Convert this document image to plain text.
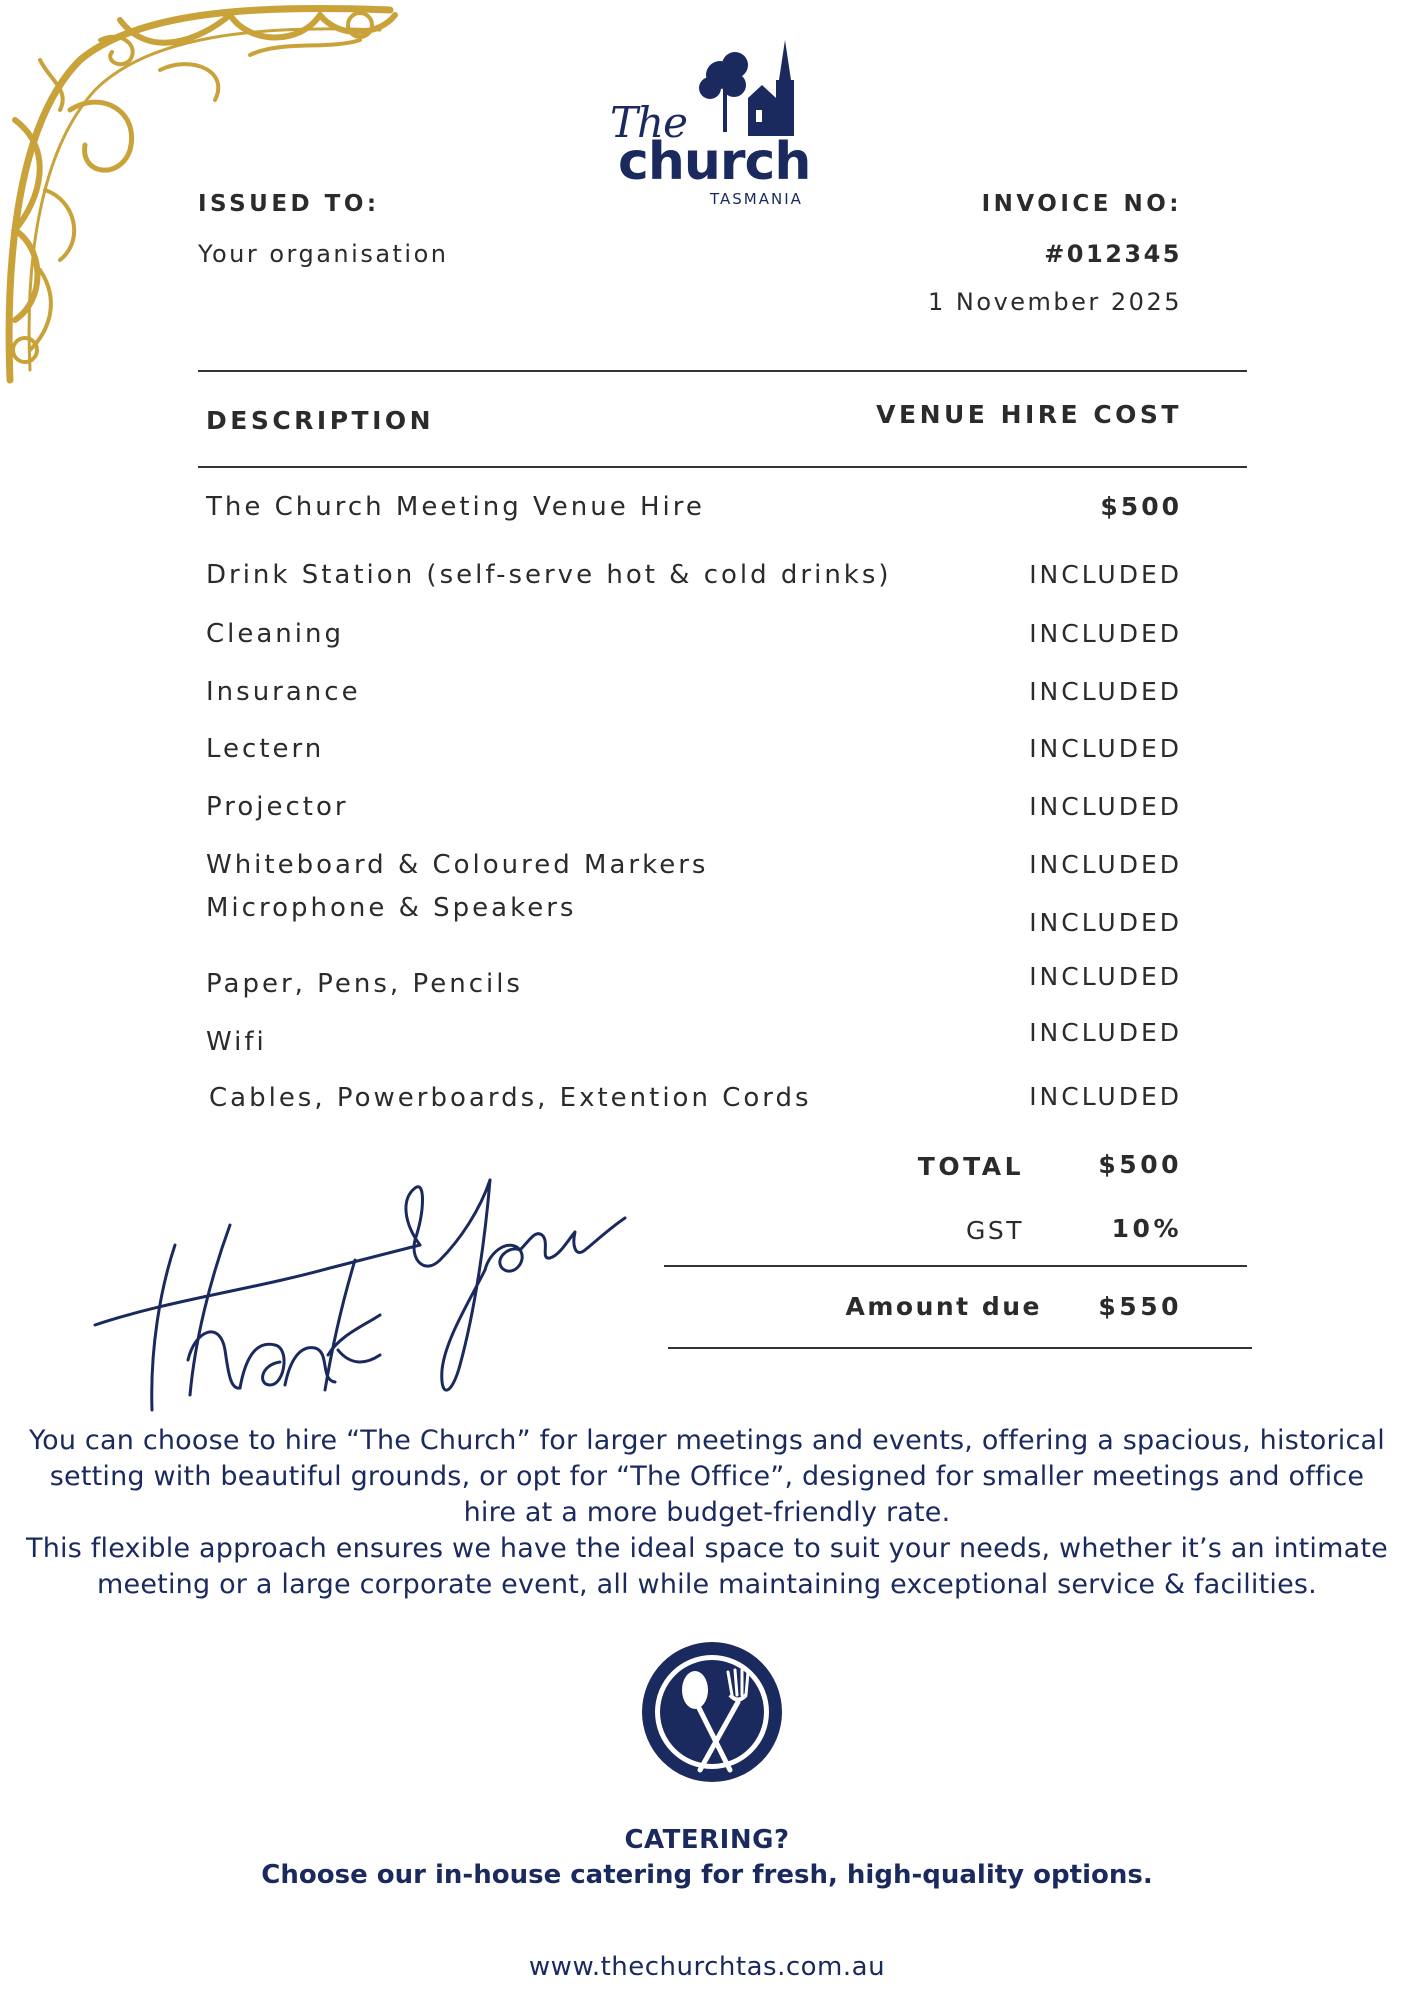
The
church
TASMANIA
ISSUED TO:
Your organisation
INVOICE NO:
#012345
1 November 2025
DESCRIPTION	VENUE HIRE COST
The Church Meeting Venue Hire	$500
Drink Station (self-serve hot & cold drinks)	INCLUDED
Cleaning	INCLUDED
Insurance	INCLUDED
Lectern	INCLUDED
Projector	INCLUDED
Whiteboard & Coloured Markers	INCLUDED
Microphone & Speakers	INCLUDED
Paper, Pens, Pencils	INCLUDED
Wifi	INCLUDED
Cables, Powerboards, Extention Cords	INCLUDED
TOTAL	$500
GST	10%
Amount due $550
You can choose to hire “The Church” for larger meetings and events, offering a spacious, historical setting with beautiful grounds, or opt for “The Office”, designed for smaller meetings and office hire at a more budget-friendly rate.
This flexible approach ensures we have the ideal space to suit your needs, whether it’s an intimate meeting or a large corporate event, all while maintaining exceptional service & facilities.
CATERING?
Choose our in-house catering for fresh, high-quality options.
www.thechurchtas.com.au
